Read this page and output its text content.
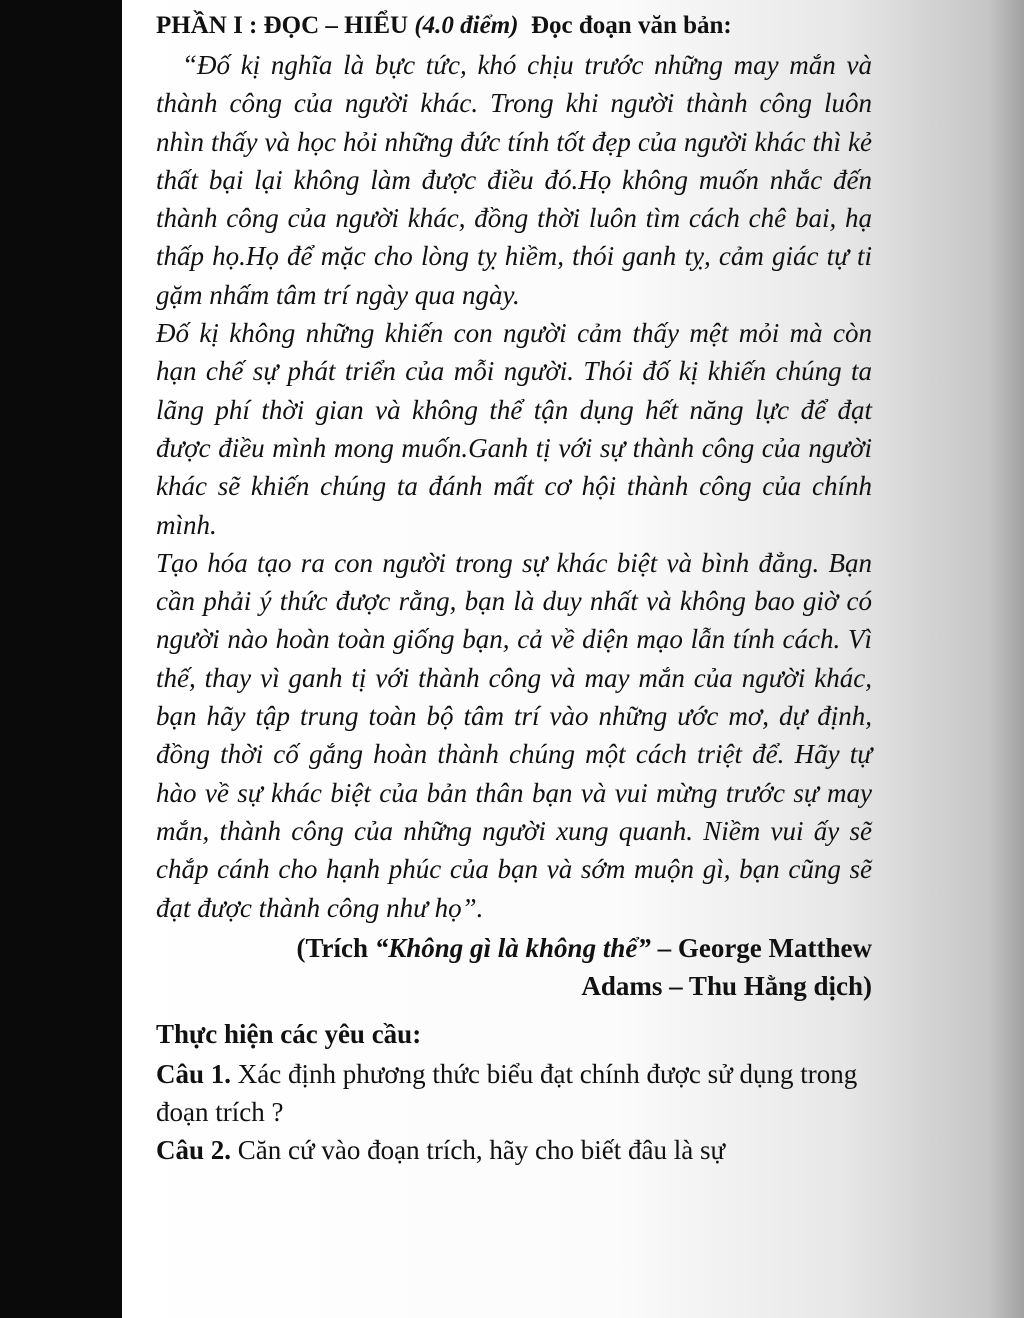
PHẦN I : ĐỌC – HIỂU (4.0 điểm) Đọc đoạn văn bản:

“Đố kị nghĩa là bực tức, khó chịu trước những may mắn và thành công của người khác. Trong khi người thành công luôn nhìn thấy và học hỏi những đức tính tốt đẹp của người khác thì kẻ thất bại lại không làm được điều đó.Họ không muốn nhắc đến thành công của người khác, đồng thời luôn tìm cách chê bai, hạ thấp họ.Họ để mặc cho lòng tỵ hiềm, thói ganh tỵ, cảm giác tự ti gặm nhấm tâm trí ngày qua ngày.

Đố kị không những khiến con người cảm thấy mệt mỏi mà còn hạn chế sự phát triển của mỗi người. Thói đố kị khiến chúng ta lãng phí thời gian và không thể tận dụng hết năng lực để đạt được điều mình mong muốn.Ganh tị với sự thành công của người khác sẽ khiến chúng ta đánh mất cơ hội thành công của chính mình.

Tạo hóa tạo ra con người trong sự khác biệt và bình đẳng. Bạn cần phải ý thức được rằng, bạn là duy nhất và không bao giờ có người nào hoàn toàn giống bạn, cả về diện mạo lẫn tính cách. Vì thế, thay vì ganh tị với thành công và may mắn của người khác, bạn hãy tập trung toàn bộ tâm trí vào những ước mơ, dự định, đồng thời cố gắng hoàn thành chúng một cách triệt để. Hãy tự hào về sự khác biệt của bản thân bạn và vui mừng trước sự may mắn, thành công của những người xung quanh. Niềm vui ấy sẽ chắp cánh cho hạnh phúc của bạn và sớm muộn gì, bạn cũng sẽ đạt được thành công như họ”.

(Trích “Không gì là không thể” – George Matthew
Adams – Thu Hằng dịch)
Thực hiện các yêu cầu:

Câu 1. Xác định phương thức biểu đạt chính được sử dụng trong đoạn trích ?

Câu 2. Căn cứ vào đoạn trích, hãy cho biết đâu là sự
